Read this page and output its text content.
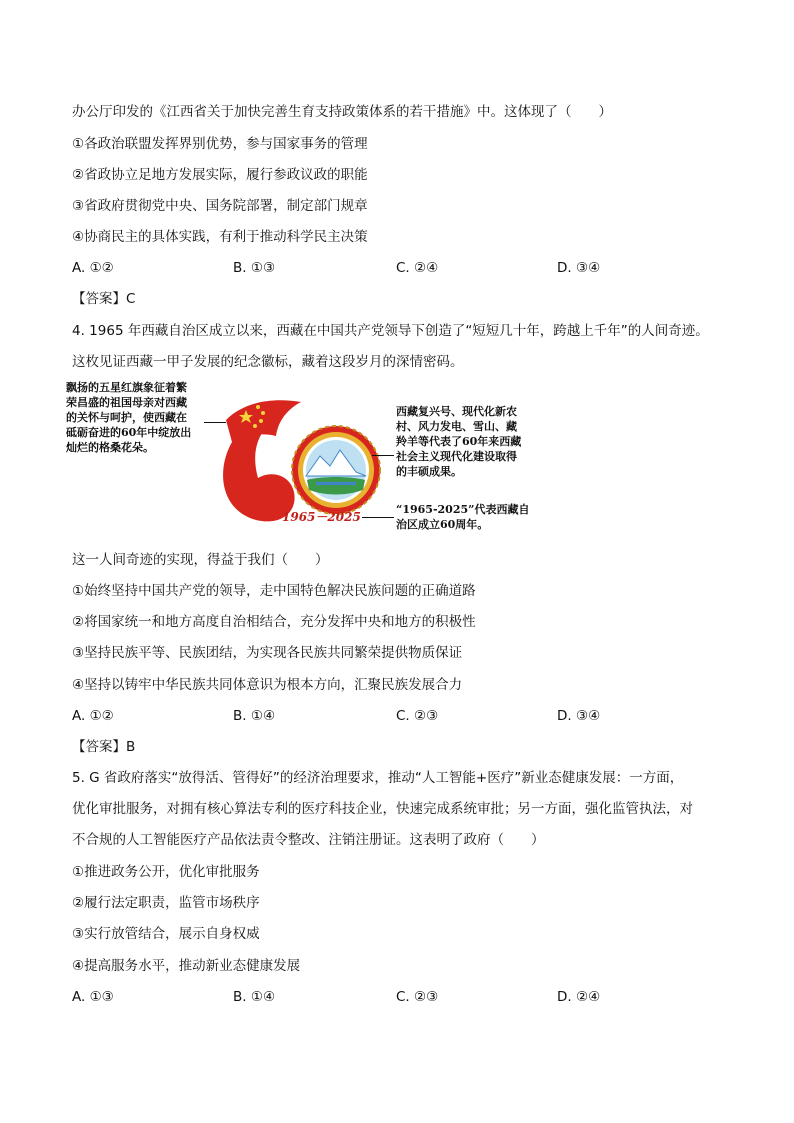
办公厅印发的《江西省关于加快完善生育支持政策体系的若干措施》中。这体现了（　　）
①各政治联盟发挥界别优势，参与国家事务的管理
②省政协立足地方发展实际，履行参政议政的职能
③省政府贯彻党中央、国务院部署，制定部门规章
④协商民主的具体实践，有利于推动科学民主决策
A. ①②	B. ①③	C. ②④	D. ③④
【答案】C
4. 1965 年西藏自治区成立以来，西藏在中国共产党领导下创造了“短短几十年，跨越上千年”的人间奇迹。
这枚见证西藏一甲子发展的纪念徽标，藏着这段岁月的深情密码。
飘扬的五星红旗象征着繁
荣昌盛的祖国母亲对西藏
的关怀与呵护，使西藏在
砥砺奋进的60年中绽放出
灿烂的格桑花朵。
1965－2025
西藏复兴号、现代化新农
村、风力发电、雪山、藏
羚羊等代表了60年来西藏
社会主义现代化建设取得
的丰硕成果。
“1965-2025”代表西藏自
治区成立60周年。
这一人间奇迹的实现，得益于我们（　　）
①始终坚持中国共产党的领导，走中国特色解决民族问题的正确道路
②将国家统一和地方高度自治相结合，充分发挥中央和地方的积极性
③坚持民族平等、民族团结，为实现各民族共同繁荣提供物质保证
④坚持以铸牢中华民族共同体意识为根本方向，汇聚民族发展合力
A. ①②	B. ①④	C. ②③	D. ③④
【答案】B
5. G 省政府落实“放得活、管得好”的经济治理要求，推动“人工智能+医疗”新业态健康发展：一方面，
优化审批服务，对拥有核心算法专利的医疗科技企业，快速完成系统审批；另一方面，强化监管执法，对
不合规的人工智能医疗产品依法责令整改、注销注册证。这表明了政府（　　）
①推进政务公开，优化审批服务
②履行法定职责，监管市场秩序
③实行放管结合，展示自身权威
④提高服务水平，推动新业态健康发展
A. ①③	B. ①④	C. ②③	D. ②④
